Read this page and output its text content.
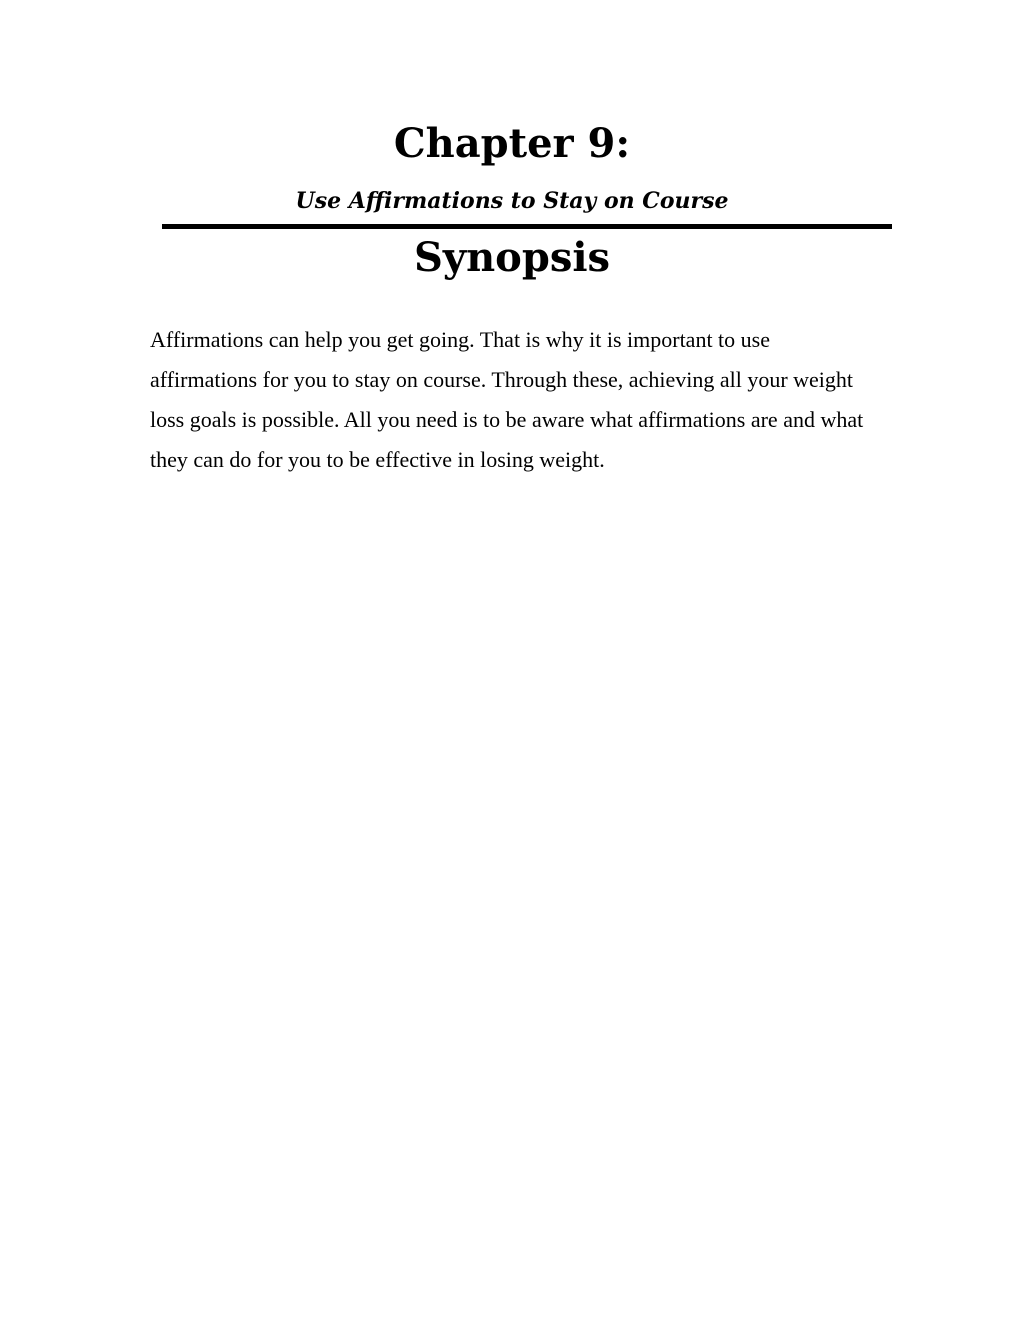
Chapter 9:
Use Affirmations to Stay on Course
Synopsis

Affirmations can help you get going. That is why it is important to use affirmations for you to stay on course. Through these, achieving all your weight loss goals is possible. All you need is to be aware what affirmations are and what they can do for you to be effective in losing weight.
